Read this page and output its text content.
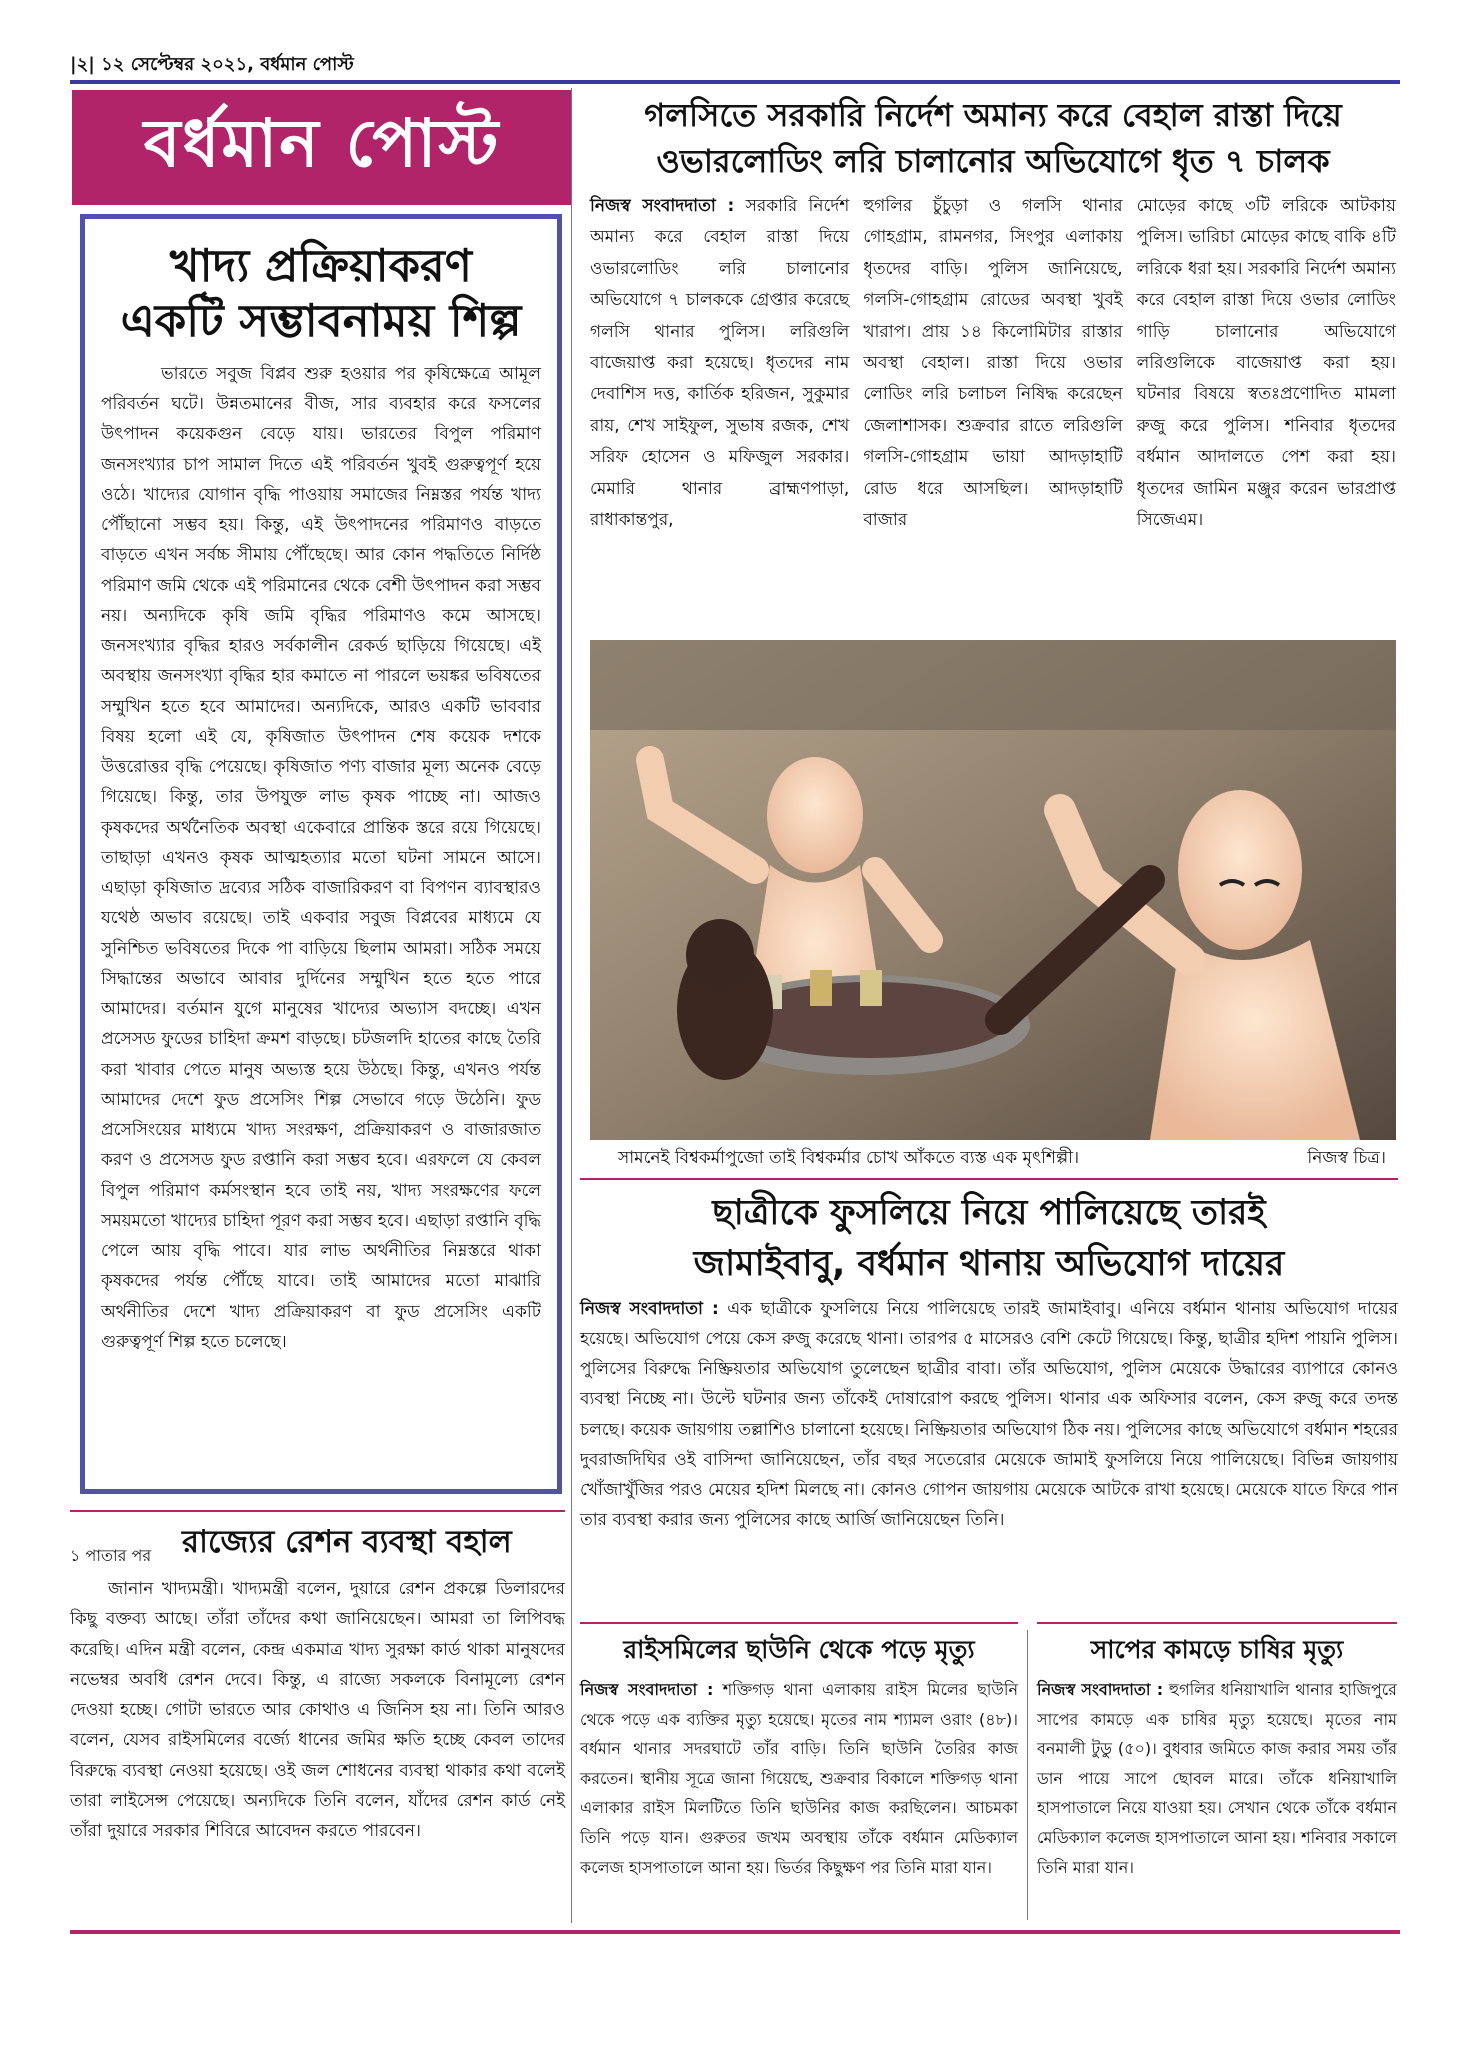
|২| ১২ সেপ্টেম্বর ২০২১, বর্ধমান পোস্ট
বর্ধমান পোস্ট
খাদ্য প্রক্রিয়াকরণ
একটি সম্ভাবনাময় শিল্প
ভারতে সবুজ বিপ্লব শুরু হওয়ার পর কৃষিক্ষেত্রে আমূল পরিবর্তন ঘটে। উন্নতমানের বীজ, সার ব্যবহার করে ফসলের উৎপাদন কয়েকগুন বেড়ে যায়। ভারতের বিপুল পরিমাণ জনসংখ্যার চাপ সামাল দিতে এই পরিবর্তন খুবই গুরুত্বপূর্ণ হয়ে ওঠে। খাদ্যের যোগান বৃদ্ধি পাওয়ায় সমাজের নিম্নস্তর পর্যন্ত খাদ্য পৌঁছানো সম্ভব হয়। কিন্তু, এই উৎপাদনের পরিমাণও বাড়তে বাড়তে এখন সর্বচ্চ সীমায় পৌঁছেছে। আর কোন পদ্ধতিতে নির্দিষ্ঠ পরিমাণ জমি থেকে এই পরিমানের থেকে বেশী উৎপাদন করা সম্ভব নয়। অন্যদিকে কৃষি জমি বৃদ্ধির পরিমাণও কমে আসছে। জনসংখ্যার বৃদ্ধির হারও সর্বকালীন রেকর্ড ছাড়িয়ে গিয়েছে। এই অবস্থায় জনসংখ্যা বৃদ্ধির হার কমাতে না পারলে ভয়ঙ্কর ভবিষতের সম্মুখিন হতে হবে আমাদের। অন্যদিকে, আরও একটি ভাববার বিষয় হলো এই যে, কৃষিজাত উৎপাদন শেষ কয়েক দশকে উত্তরোত্তর বৃদ্ধি পেয়েছে। কৃষিজাত পণ্য বাজার মূল্য অনেক বেড়ে গিয়েছে। কিন্তু, তার উপযুক্ত লাভ কৃষক পাচ্ছে না। আজও কৃষকদের অর্থনৈতিক অবস্থা একেবারে প্রান্তিক স্তরে রয়ে গিয়েছে। তাছাড়া এখনও কৃষক আত্মহত্যার মতো ঘটনা সামনে আসে। এছাড়া কৃষিজাত দ্রব্যের সঠিক বাজারিকরণ বা বিপণন ব্যাবস্থারও যথেষ্ঠ অভাব রয়েছে। তাই একবার সবুজ বিপ্লবের মাধ্যমে যে সুনিশ্চিত ভবিষতের দিকে পা বাড়িয়ে ছিলাম আমরা। সঠিক সময়ে সিদ্ধান্তের অভাবে আবার দুর্দিনের সম্মুখিন হতে হতে পারে আমাদের। বর্তমান যুগে মানুষের খাদ্যের অভ্যাস বদচ্ছে। এখন প্রসেসড ফুডের চাহিদা ক্রমশ বাড়ছে। চটজলদি হাতের কাছে তৈরি করা খাবার পেতে মানুষ অভ্যস্ত হয়ে উঠছে। কিন্তু, এখনও পর্যন্ত আমাদের দেশে ফুড প্রসেসিং শিল্প সেভাবে গড়ে উঠেনি। ফুড প্রসেসিংয়ের মাধ্যমে খাদ্য সংরক্ষণ, প্রক্রিয়াকরণ ও বাজারজাত করণ ও প্রসেসড ফুড রপ্তানি করা সম্ভব হবে। এরফলে যে কেবল বিপুল পরিমাণ কর্মসংস্থান হবে তাই নয়, খাদ্য সংরক্ষণের ফলে সময়মতো খাদ্যের চাহিদা পূরণ করা সম্ভব হবে। এছাড়া রপ্তানি বৃদ্ধি পেলে আয় বৃদ্ধি পাবে। যার লাভ অর্থনীতির নিম্নস্তরে থাকা কৃষকদের পর্যন্ত পৌঁছে যাবে। তাই আমাদের মতো মাঝারি অর্থনীতির দেশে খাদ্য প্রক্রিয়াকরণ বা ফুড প্রসেসিং একটি গুরুত্বপূর্ণ শিল্প হতে চলেছে।
১ পাতার পর রাজ্যের রেশন ব্যবস্থা বহাল
জানান খাদ্যমন্ত্রী। খাদ্যমন্ত্রী বলেন, দুয়ারে রেশন প্রকল্পে ডিলারদের কিছু বক্তব্য আছে। তাঁরা তাঁদের কথা জানিয়েছেন। আমরা তা লিপিবদ্ধ করেছি। এদিন মন্ত্রী বলেন, কেন্দ্র একমাত্র খাদ্য সুরক্ষা কার্ড থাকা মানুষদের নভেম্বর অবধি রেশন দেবে। কিন্তু, এ রাজ্যে সকলকে বিনামূল্যে রেশন দেওয়া হচ্ছে। গোটা ভারতে আর কোথাও এ জিনিস হয় না। তিনি আরও বলেন, যেসব রাইসমিলের বর্জ্যে ধানের জমির ক্ষতি হচ্ছে কেবল তাদের বিরুদ্ধে ব্যবস্থা নেওয়া হয়েছে। ওই জল শোধনের ব্যবস্থা থাকার কথা বলেই তারা লাইসেন্স পেয়েছে। অন্যদিকে তিনি বলেন, যাঁদের রেশন কার্ড নেই তাঁরা দুয়ারে সরকার শিবিরে আবেদন করতে পারবেন।
গলসিতে সরকারি নির্দেশ অমান্য করে বেহাল রাস্তা দিয়ে
ওভারলোডিং লরি চালানোর অভিযোগে ধৃত ৭ চালক
নিজস্ব সংবাদদাতা : সরকারি নির্দেশ অমান্য করে বেহাল রাস্তা দিয়ে ওভারলোডিং লরি চালানোর অভিযোগে ৭ চালককে গ্রেপ্তার করেছে গলসি থানার পুলিস। লরিগুলি বাজেয়াপ্ত করা হয়েছে। ধৃতদের নাম দেবাশিস দত্ত, কার্তিক হরিজন, সুকুমার রায়, শেখ সাইফুল, সুভাষ রজক, শেখ সরিফ হোসেন ও মফিজুল সরকার। মেমারি থানার ব্রাহ্মণপাড়া, রাধাকান্তপুর,
হুগলির চুঁচুড়া ও গলসি থানার গোহগ্রাম, রামনগর, সিংপুর এলাকায় ধৃতদের বাড়ি। পুলিস জানিয়েছে, গলসি-গোহগ্রাম রোডের অবস্থা খুবই খারাপ। প্রায় ১৪ কিলোমিটার রাস্তার অবস্থা বেহাল। রাস্তা দিয়ে ওভার লোডিং লরি চলাচল নিষিদ্ধ করেছেন জেলাশাসক। শুক্রবার রাতে লরিগুলি গলসি-গোহগ্রাম ভায়া আদড়াহাটি রোড ধরে আসছিল। আদড়াহাটি বাজার
মোড়ের কাছে ৩টি লরিকে আটকায় পুলিস। ভারিচা মোড়ের কাছে বাকি ৪টি লরিকে ধরা হয়। সরকারি নির্দেশ অমান্য করে বেহাল রাস্তা দিয়ে ওভার লোডিং গাড়ি চালানোর অভিযোগে লরিগুলিকে বাজেয়াপ্ত করা হয়। ঘটনার বিষয়ে স্বতঃপ্রণোদিত মামলা রুজু করে পুলিস। শনিবার ধৃতদের বর্ধমান আদালতে পেশ করা হয়। ধৃতদের জামিন মঞ্জুর করেন ভারপ্রাপ্ত সিজেএম।
সামনেই বিশ্বকর্মাপুজো তাই বিশ্বকর্মার চোখ আঁকতে ব্যস্ত এক মৃৎশিল্পী।	নিজস্ব চিত্র।
ছাত্রীকে ফুসলিয়ে নিয়ে পালিয়েছে তারই
জামাইবাবু, বর্ধমান থানায় অভিযোগ দায়ের
নিজস্ব সংবাদদাতা : এক ছাত্রীকে ফুসলিয়ে নিয়ে পালিয়েছে তারই জামাইবাবু। এনিয়ে বর্ধমান থানায় অভিযোগ দায়ের হয়েছে। অভিযোগ পেয়ে কেস রুজু করেছে থানা। তারপর ৫ মাসেরও বেশি কেটে গিয়েছে। কিন্তু, ছাত্রীর হদিশ পায়নি পুলিস। পুলিসের বিরুদ্ধে নিষ্ক্রিয়তার অভিযোগ তুলেছেন ছাত্রীর বাবা। তাঁর অভিযোগ, পুলিস মেয়েকে উদ্ধারের ব্যাপারে কোনও ব্যবস্থা নিচ্ছে না। উল্টে ঘটনার জন্য তাঁকেই দোষারোপ করছে পুলিস। থানার এক অফিসার বলেন, কেস রুজু করে তদন্ত চলছে। কয়েক জায়গায় তল্লাশিও চালানো হয়েছে। নিষ্ক্রিয়তার অভিযোগ ঠিক নয়। পুলিসের কাছে অভিযোগে বর্ধমান শহরের দুবরাজদিঘির ওই বাসিন্দা জানিয়েছেন, তাঁর বছর সতেরোর মেয়েকে জামাই ফুসলিয়ে নিয়ে পালিয়েছে। বিভিন্ন জায়গায় খোঁজাখুঁজির পরও মেয়ের হদিশ মিলছে না। কোনও গোপন জায়গায় মেয়েকে আটকে রাখা হয়েছে। মেয়েকে যাতে ফিরে পান তার ব্যবস্থা করার জন্য পুলিসের কাছে আর্জি জানিয়েছেন তিনি।
রাইসমিলের ছাউনি থেকে পড়ে মৃত্যু
নিজস্ব সংবাদদাতা : শক্তিগড় থানা এলাকায় রাইস মিলের ছাউনি থেকে পড়ে এক ব্যক্তির মৃত্যু হয়েছে। মৃতের নাম শ্যামল ওরাং (৪৮)। বর্ধমান থানার সদরঘাটে তাঁর বাড়ি। তিনি ছাউনি তৈরির কাজ করতেন। স্থানীয় সূত্রে জানা গিয়েছে, শুক্রবার বিকালে শক্তিগড় থানা এলাকার রাইস মিলটিতে তিনি ছাউনির কাজ করছিলেন। আচমকা তিনি পড়ে যান। গুরুতর জখম অবস্থায় তাঁকে বর্ধমান মেডিক্যাল কলেজ হাসপাতালে আনা হয়। ভির্তর কিছুক্ষণ পর তিনি মারা যান।
সাপের কামড়ে চাষির মৃত্যু
নিজস্ব সংবাদদাতা : হুগলির ধনিয়াখালি থানার হাজিপুরে সাপের কামড়ে এক চাষির মৃত্যু হয়েছে। মৃতের নাম বনমালী টুডু (৫০)। বুধবার জমিতে কাজ করার সময় তাঁর ডান পায়ে সাপে ছোবল মারে। তাঁকে ধনিয়াখালি হাসপাতালে নিয়ে যাওয়া হয়। সেখান থেকে তাঁকে বর্ধমান মেডিক্যাল কলেজ হাসপাতালে আনা হয়। শনিবার সকালে তিনি মারা যান।
